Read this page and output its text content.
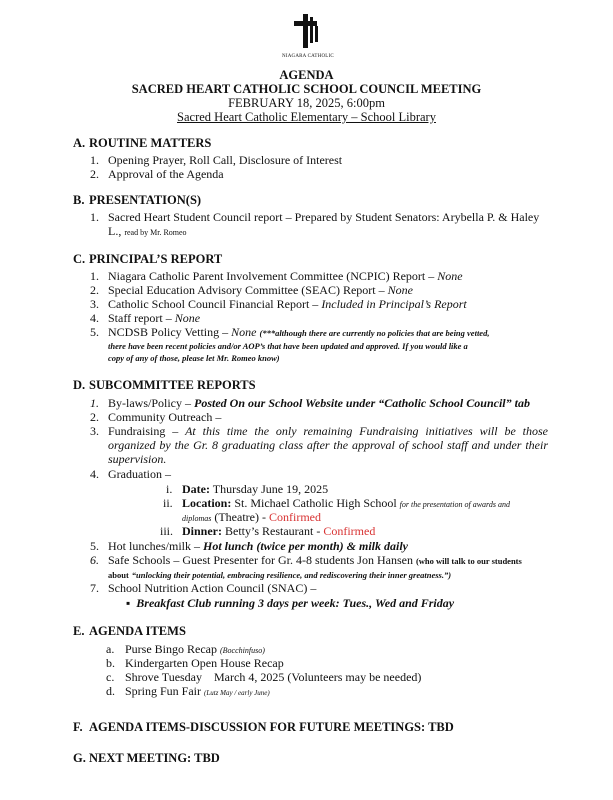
NIAGARA CATHOLIC
AGENDA
SACRED HEART CATHOLIC SCHOOL COUNCIL MEETING
FEBRUARY 18, 2025, 6:00pm
Sacred Heart Catholic Elementary – School Library
A. ROUTINE MATTERS
1. Opening Prayer, Roll Call, Disclosure of Interest
2. Approval of the Agenda
B. PRESENTATION(S)
1. Sacred Heart Student Council report – Prepared by Student Senators: Arybella P. & Haley
L., read by Mr. Romeo
C. PRINCIPAL’S REPORT
1. Niagara Catholic Parent Involvement Committee (NCPIC) Report – None
2. Special Education Advisory Committee (SEAC) Report – None
3. Catholic School Council Financial Report – Included in Principal’s Report
4. Staff report – None
5. NCDSB Policy Vetting – None (***although there are currently no policies that are being vetted,
there have been recent policies and/or AOP’s that have been updated and approved. If you would like a
copy of any of those, please let Mr. Romeo know)
D. SUBCOMMITTEE REPORTS
1. By-laws/Policy – Posted On our School Website under “Catholic School Council” tab
2. Community Outreach –
3. Fundraising – At this time the only remaining Fundraising initiatives will be those
organized by the Gr. 8 graduating class after the approval of school staff and under their
supervision.
4. Graduation –
i. Date: Thursday June 19, 2025
ii. Location: St. Michael Catholic High School for the presentation of awards and
diplomas (Theatre) - Confirmed
iii. Dinner: Betty’s Restaurant - Confirmed
5. Hot lunches/milk – Hot lunch (twice per month) & milk daily
6. Safe Schools – Guest Presenter for Gr. 4-8 students Jon Hansen (who will talk to our students
about “unlocking their potential, embracing resilience, and rediscovering their inner greatness.”)
7. School Nutrition Action Council (SNAC) –
▪ Breakfast Club running 3 days per week: Tues., Wed and Friday
E. AGENDA ITEMS
a. Purse Bingo Recap (Bocchinfuso)
b. Kindergarten Open House Recap
c. Shrove Tuesday    March 4, 2025 (Volunteers may be needed)
d. Spring Fun Fair (Lutz May / early June)
F. AGENDA ITEMS-DISCUSSION FOR FUTURE MEETINGS: TBD
G. NEXT MEETING: TBD
